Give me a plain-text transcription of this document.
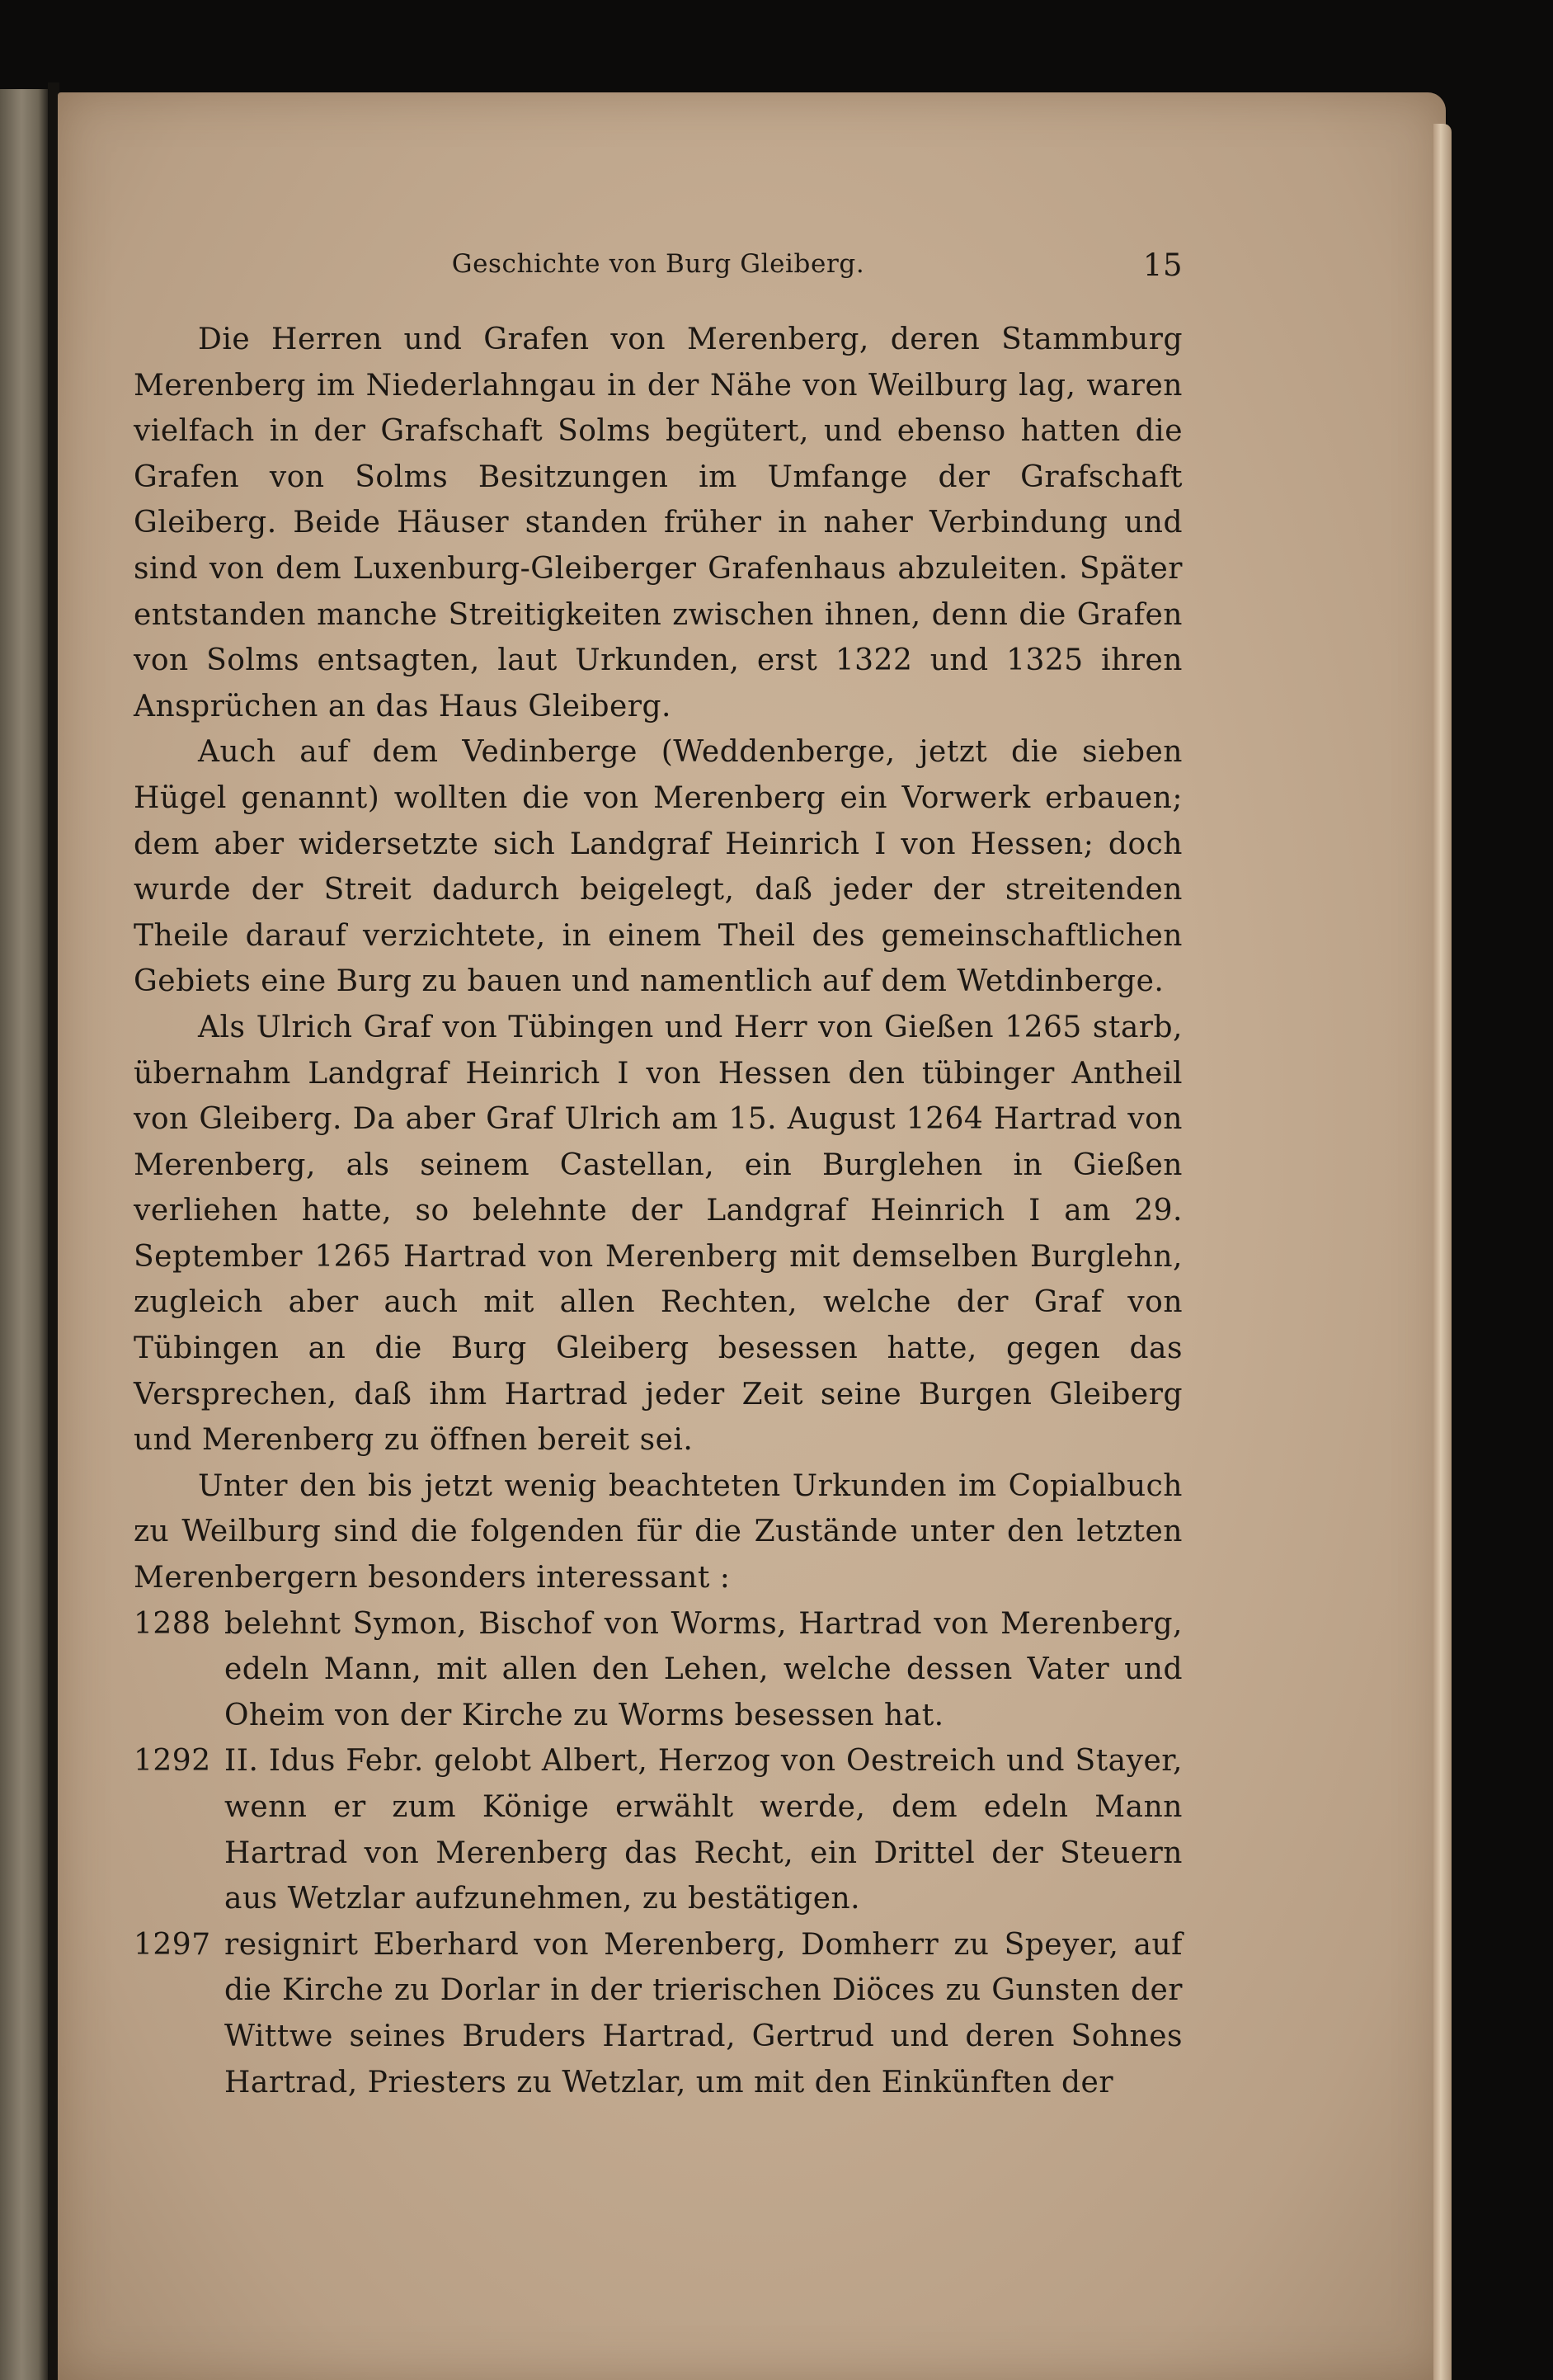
Geschichte von Burg Gleiberg.	15

Die Herren und Grafen von Merenberg, deren Stammburg Merenberg im Niederlahngau in der Nähe von Weilburg lag, waren vielfach in der Grafschaft Solms begütert, und ebenso hatten die Grafen von Solms Besitzungen im Umfange der Grafschaft Gleiberg. Beide Häuser standen früher in naher Verbindung und sind von dem Luxenburg-Gleiberger Grafenhaus abzuleiten. Später entstanden manche Streitigkeiten zwischen ihnen, denn die Grafen von Solms entsagten, laut Urkunden, erst 1322 und 1325 ihren Ansprüchen an das Haus Gleiberg.

Auch auf dem Vedinberge (Weddenberge, jetzt die sieben Hügel genannt) wollten die von Merenberg ein Vorwerk erbauen; dem aber widersetzte sich Landgraf Heinrich I von Hessen; doch wurde der Streit dadurch beigelegt, daß jeder der streitenden Theile darauf verzichtete, in einem Theil des gemeinschaftlichen Gebiets eine Burg zu bauen und namentlich auf dem Wetdinberge.

Als Ulrich Graf von Tübingen und Herr von Gießen 1265 starb, übernahm Landgraf Heinrich I von Hessen den tübinger Antheil von Gleiberg. Da aber Graf Ulrich am 15. August 1264 Hartrad von Merenberg, als seinem Castellan, ein Burglehen in Gießen verliehen hatte, so belehnte der Landgraf Heinrich I am 29. September 1265 Hartrad von Merenberg mit demselben Burglehn, zugleich aber auch mit allen Rechten, welche der Graf von Tübingen an die Burg Gleiberg besessen hatte, gegen das Versprechen, daß ihm Hartrad jeder Zeit seine Burgen Gleiberg und Merenberg zu öffnen bereit sei.

Unter den bis jetzt wenig beachteten Urkunden im Copialbuch zu Weilburg sind die folgenden für die Zustände unter den letzten Merenbergern besonders interessant :

1288 belehnt Symon, Bischof von Worms, Hartrad von Merenberg, edeln Mann, mit allen den Lehen, welche dessen Vater und Oheim von der Kirche zu Worms besessen hat.

1292 II. Idus Febr. gelobt Albert, Herzog von Oestreich und Stayer, wenn er zum Könige erwählt werde, dem edeln Mann Hartrad von Merenberg das Recht, ein Drittel der Steuern aus Wetzlar aufzunehmen, zu bestätigen.

1297 resignirt Eberhard von Merenberg, Domherr zu Speyer, auf die Kirche zu Dorlar in der trierischen Diöces zu Gunsten der Wittwe seines Bruders Hartrad, Gertrud und deren Sohnes Hartrad, Priesters zu Wetzlar, um mit den Einkünften der
